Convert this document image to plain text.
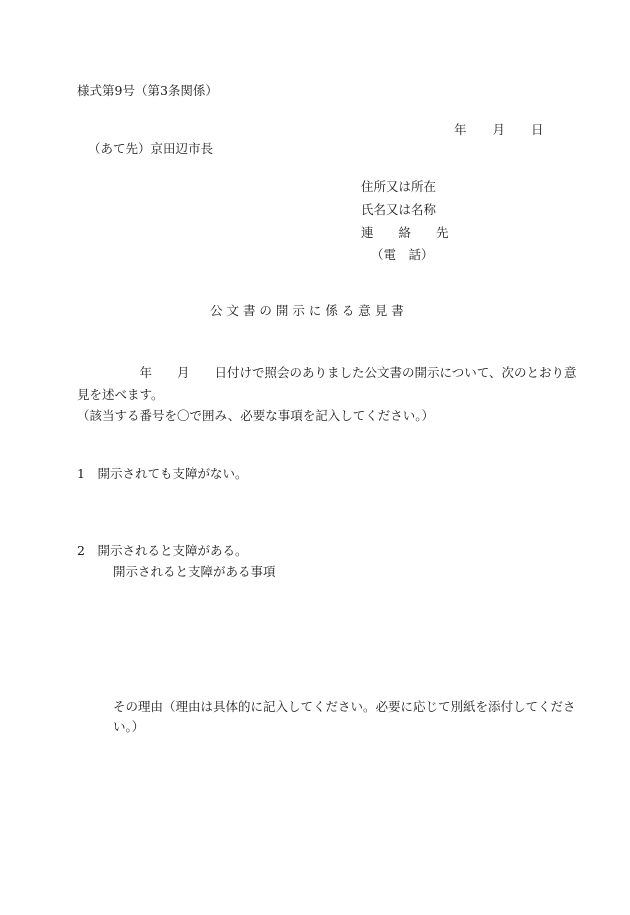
様式第9号（第3条関係）
年 月 日
（あて先）京田辺市長
住所又は所在
氏名又は名称
連　　絡　　先
（電　話）
公 文 書 の 開 示 に 係 る 意 見 書
　　　　　年　　月　　日付けで照会のありました公文書の開示について、次のとおり意
見を述べます。
（該当する番号を〇で囲み、必要な事項を記入してください。）
1　開示されても支障がない。
2　開示されると支障がある。
開示されると支障がある事項
その理由（理由は具体的に記入してください。必要に応じて別紙を添付してくださ
い。）
